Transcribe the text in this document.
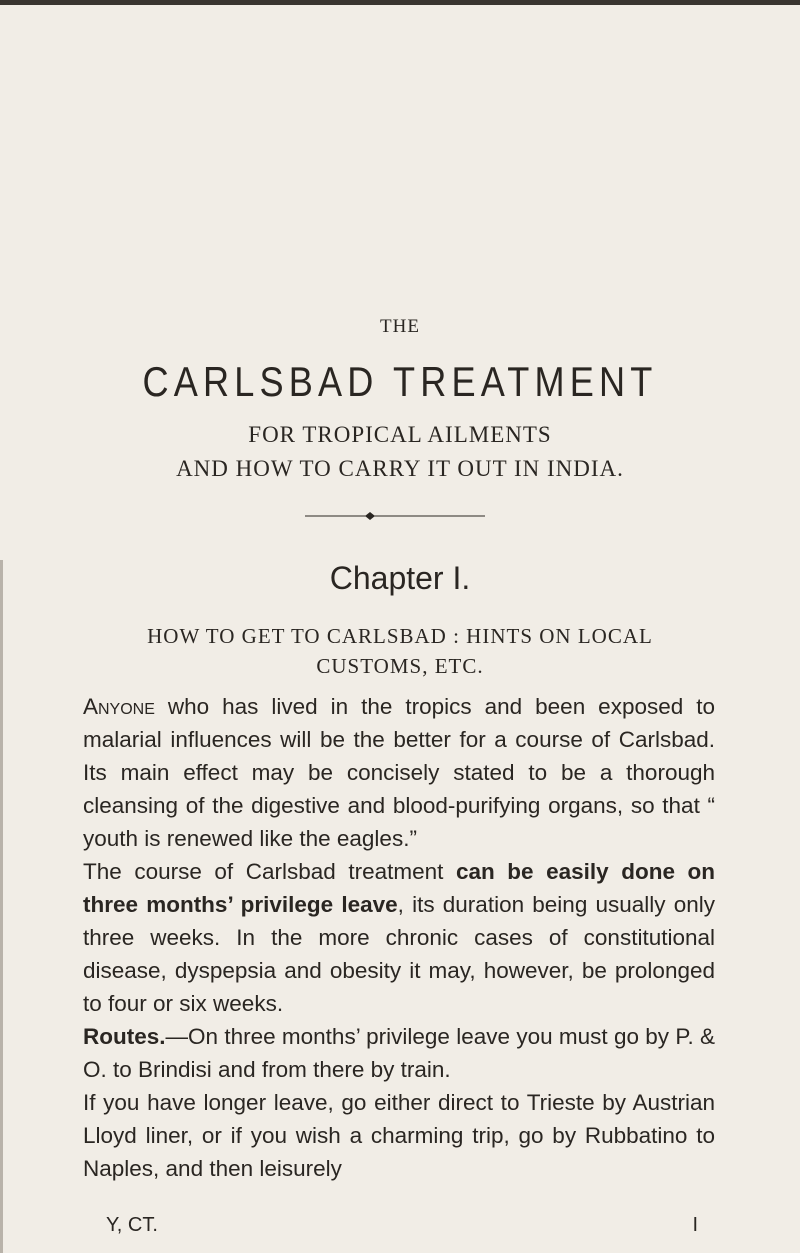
THE
CARLSBAD TREATMENT
FOR TROPICAL AILMENTS
AND HOW TO CARRY IT OUT IN INDIA.
Chapter I.
HOW TO GET TO CARLSBAD : HINTS ON LOCAL
CUSTOMS, ETC.

Anyone who has lived in the tropics and been exposed to malarial influences will be the better for a course of Carlsbad. Its main effect may be concisely stated to be a thorough cleansing of the digestive and blood-purifying organs, so that “ youth is renewed like the eagles.”

The course of Carlsbad treatment can be easily done on three months’ privilege leave, its duration being usually only three weeks. In the more chronic cases of constitutional disease, dyspepsia and obesity it may, however, be prolonged to four or six weeks.

Routes.—On three months’ privilege leave you must go by P. & O. to Brindisi and from there by train.

If you have longer leave, go either direct to Trieste by Austrian Lloyd liner, or if you wish a charming trip, go by Rubbatino to Naples, and then leisurely

Y, CT.	I
